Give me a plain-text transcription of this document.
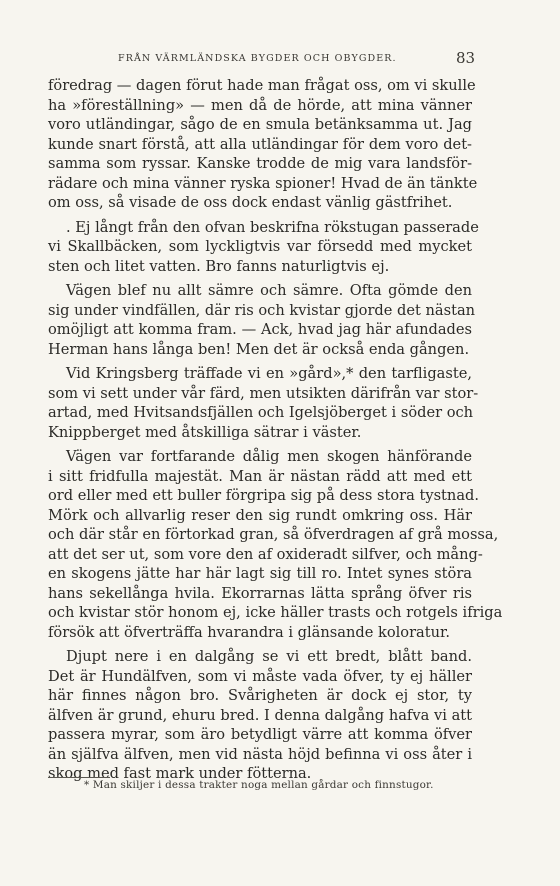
FRÅN VÄRMLÄNDSKA BYGDER OCH OBYGDER.	83
föredrag — dagen förut hade man frågat oss, om vi skulle
ha »föreställning» — men då de hörde, att mina vänner
voro utländingar, sågo de en smula betänksamma ut. Jag
kunde snart förstå, att alla utländingar för dem voro det-
samma som ryssar. Kanske trodde de mig vara landsför-
rädare och mina vänner ryska spioner! Hvad de än tänkte
om oss, så visade de oss dock endast vänlig gästfrihet.
. Ej långt från den ofvan beskrifna rökstugan passerade
vi Skallbäcken, som lyckligtvis var försedd med mycket
sten och litet vatten. Bro fanns naturligtvis ej.
Vägen blef nu allt sämre och sämre. Ofta gömde den
sig under vindfällen, där ris och kvistar gjorde det nästan
omöjligt att komma fram. — Ack, hvad jag här afundades
Herman hans långa ben! Men det är också enda gången.
Vid Kringsberg träffade vi en »gård»,* den tarfligaste,
som vi sett under vår färd, men utsikten därifrån var stor-
artad, med Hvitsandsfjällen och Igelsjöberget i söder och
Knippberget med åtskilliga sätrar i väster.
Vägen var fortfarande dålig men skogen hänförande
i sitt fridfulla majestät. Man är nästan rädd att med ett
ord eller med ett buller förgripa sig på dess stora tystnad.
Mörk och allvarlig reser den sig rundt omkring oss. Här
och där står en förtorkad gran, så öfverdragen af grå mossa,
att det ser ut, som vore den af oxideradt silfver, och mång-
en skogens jätte har här lagt sig till ro. Intet synes störa
hans sekellånga hvila. Ekorrarnas lätta språng öfver ris
och kvistar stör honom ej, icke häller trasts och rotgels ifriga
försök att öfverträffa hvarandra i glänsande koloratur.
Djupt nere i en dalgång se vi ett bredt, blått band.
Det är Hundälfven, som vi måste vada öfver, ty ej häller
här finnes någon bro. Svårigheten är dock ej stor, ty
älfven är grund, ehuru bred. I denna dalgång hafva vi att
passera myrar, som äro betydligt värre att komma öfver
än själfva älfven, men vid nästa höjd befinna vi oss åter i
skog med fast mark under fötterna.
* Man skiljer i dessa trakter noga mellan gårdar och finnstugor.
